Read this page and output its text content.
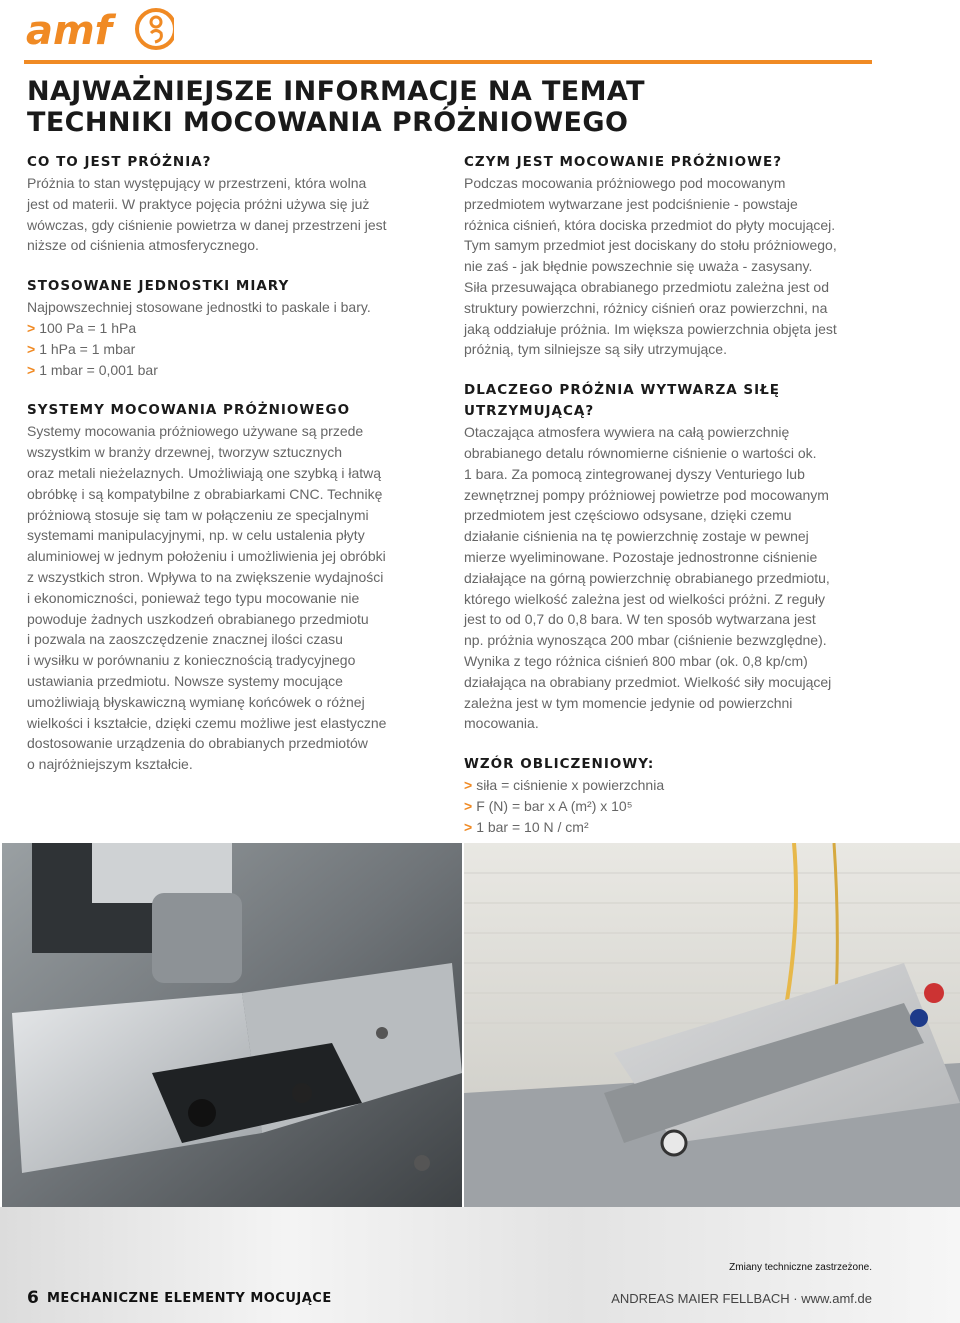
amf
NAJWAŻNIEJSZE INFORMACJE NA TEMAT
TECHNIKI MOCOWANIA PRÓŻNIOWEGO
CO TO JEST PRÓŻNIA?

Próżnia to stan występujący w przestrzeni, która wolna
jest od materii. W praktyce pojęcia próżni używa się już
wówczas, gdy ciśnienie powietrza w danej przestrzeni jest
niższe od ciśnienia atmosferycznego.

STOSOWANE JEDNOSTKI MIARY

Najpowszechniej stosowane jednostki to paskale i bary.

> 100 Pa = 1 hPa
> 1 hPa = 1 mbar
> 1 mbar = 0,001 bar
SYSTEMY MOCOWANIA PRÓŻNIOWEGO

Systemy mocowania próżniowego używane są przede
wszystkim w branży drzewnej, tworzyw sztucznych
oraz metali nieżelaznych. Umożliwiają one szybką i łatwą
obróbkę i są kompatybilne z obrabiarkami CNC. Technikę
próżniową stosuje się tam w połączeniu ze specjalnymi
systemami manipulacyjnymi, np. w celu ustalenia płyty
aluminiowej w jednym położeniu i umożliwienia jej obróbki
z wszystkich stron. Wpływa to na zwiększenie wydajności
i ekonomiczności, ponieważ tego typu mocowanie nie
powoduje żadnych uszkodzeń obrabianego przedmiotu
i pozwala na zaoszczędzenie znacznej ilości czasu
i wysiłku w porównaniu z koniecznością tradycyjnego
ustawiania przedmiotu. Nowsze systemy mocujące
umożliwiają błyskawiczną wymianę końcówek o różnej
wielkości i kształcie, dzięki czemu możliwe jest elastyczne
dostosowanie urządzenia do obrabianych przedmiotów
o najróżniejszym kształcie.

CZYM JEST MOCOWANIE PRÓŻNIOWE?

Podczas mocowania próżniowego pod mocowanym
przedmiotem wytwarzane jest podciśnienie - powstaje
różnica ciśnień, która dociska przedmiot do płyty mocującej.
Tym samym przedmiot jest dociskany do stołu próżniowego,
nie zaś - jak błędnie powszechnie się uważa - zasysany.
Siła przesuwająca obrabianego przedmiotu zależna jest od
struktury powierzchni, różnicy ciśnień oraz powierzchni, na
jaką oddziałuje próżnia. Im większa powierzchnia objęta jest
próżnią, tym silniejsze są siły utrzymujące.

DLACZEGO PRÓŻNIA WYTWARZA SIŁĘ
UTRZYMUJĄCĄ?

Otaczająca atmosfera wywiera na całą powierzchnię
obrabianego detalu równomierne ciśnienie o wartości ok.
1 bara. Za pomocą zintegrowanej dyszy Venturiego lub
zewnętrznej pompy próżniowej powietrze pod mocowanym
przedmiotem jest częściowo odsysane, dzięki czemu
działanie ciśnienia na tę powierzchnię zostaje w pewnej
mierze wyeliminowane. Pozostaje jednostronne ciśnienie
działające na górną powierzchnię obrabianego przedmiotu,
którego wielkość zależna jest od wielkości próżni. Z reguły
jest to od 0,7 do 0,8 bara. W ten sposób wytwarzana jest
np. próżnia wynosząca 200 mbar (ciśnienie bezwzględne).
Wynika z tego różnica ciśnień 800 mbar (ok. 0,8 kp/cm)
działająca na obrabiany przedmiot. Wielkość siły mocującej
zależna jest w tym momencie jedynie od powierzchni
mocowania.

WZÓR OBLICZENIOWY:
> siła = ciśnienie x powierzchnia
> F (N) = bar x A (m²) x 10⁵
> 1 bar = 10 N / cm²
Zmiany techniczne zastrzeżone.
6 MECHANICZNE ELEMENTY MOCUJĄCE	ANDREAS MAIER FELLBACH · www.amf.de
